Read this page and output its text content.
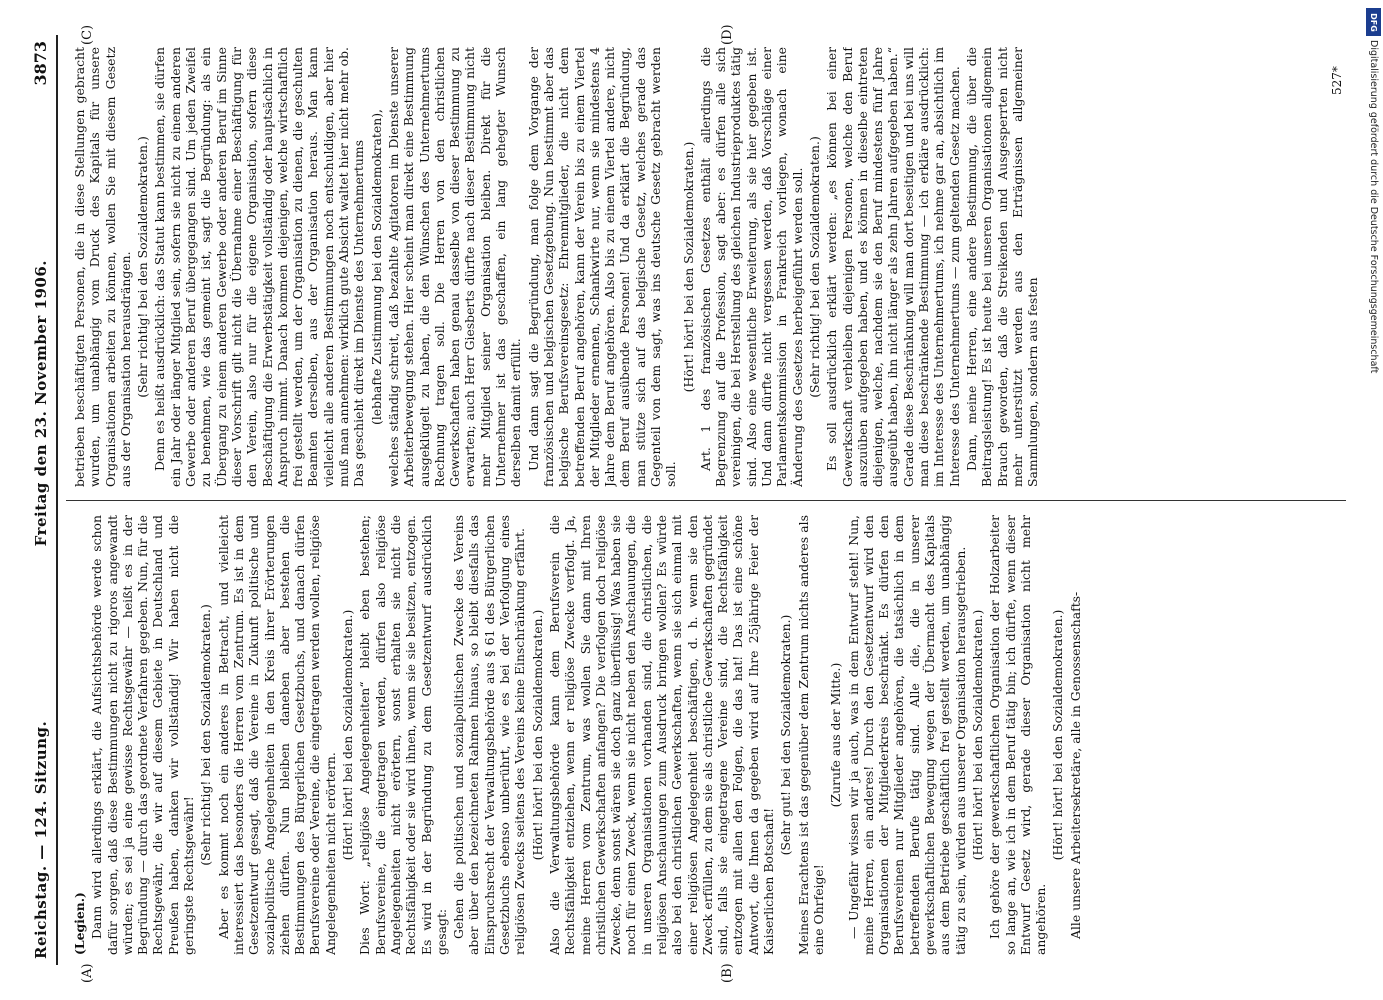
Reichstag. — 124. Sitzung.
Freitag den 23. November 1906.
3873
(A)	(B)
(C)	(D)

(Legien.) Dann wird allerdings erklärt, die Aufsichtsbehörde werde schon dafür sorgen, daß diese Bestimmungen nicht zu rigoros angewandt würden; es sei ja eine gewisse Rechtsgewähr — heißt es in der Begründung — durch das geordnete Verfahren gegeben. Nun, für die Rechtsgewähr, die wir auf diesem Gebiete in Deutschland und Preußen haben, danken wir vollständig! Wir haben nicht die geringste Rechtsgewähr!

(Sehr richtig! bei den Sozialdemokraten.) Aber es kommt noch ein anderes in Betracht, und vielleicht interessiert das besonders die Herren vom Zentrum. Es ist in dem Gesetzentwurf gesagt, daß die Vereine in Zukunft politische und sozialpolitische Angelegenheiten in den Kreis ihrer Erörterungen ziehen dürfen. Nun bleiben daneben aber bestehen die Bestimmungen des Bürgerlichen Gesetzbuchs, und danach dürfen Berufsvereine oder Vereine, die eingetragen werden wollen, religiöse Angelegenheiten nicht erörtern. (Hört! hört! bei den Sozialdemokraten.) Dies Wort: „religiöse Angelegenheiten“ bleibt eben bestehen; Berufsvereine, die eingetragen werden, dürfen also religiöse Angelegenheiten nicht erörtern, sonst erhalten sie nicht die Rechtsfähigkeit oder sie wird ihnen, wenn sie sie besitzen, entzogen. Es wird in der Begründung zu dem Gesetzentwurf ausdrücklich gesagt: Gehen die politischen und sozialpolitischen Zwecke des Vereins aber über den bezeichneten Rahmen hinaus, so bleibt diesfalls das Einspruchsrecht der Verwaltungsbehörde aus § 61 des Bürgerlichen Gesetzbuchs ebenso unberührt, wie es bei der Verfolgung eines religiösen Zwecks seitens des Vereins keine Einschränkung erfährt. (Hört! hört! bei den Sozialdemokraten.) Also die Verwaltungsbehörde kann dem Berufsverein die Rechtsfähigkeit entziehen, wenn er religiöse Zwecke verfolgt. Ja, meine Herren vom Zentrum, was wollen Sie dann mit Ihren christlichen Gewerkschaften anfangen? Die verfolgen doch religiöse Zwecke, denn sonst wären sie doch ganz überflüssig! Was haben sie noch für einen Zweck, wenn sie nicht neben den Anschauungen, die in unseren Organisationen vorhanden sind, die christlichen, die religiösen Anschauungen zum Ausdruck bringen wollen? Es würde also bei den christlichen Gewerkschaften, wenn sie sich einmal mit einer religiösen Angelegenheit beschäftigen, d. h. wenn sie den Zweck erfüllen, zu dem sie als christliche Gewerkschaften gegründet sind, falls sie eingetragene Vereine sind, die Rechtsfähigkeit entzogen mit allen den Folgen, die das hat! Das ist eine schöne Antwort, die Ihnen da gegeben wird auf Ihre 25jährige Feier der Kaiserlichen Botschaft!

(Sehr gut! bei den Sozialdemokraten.) Meines Erachtens ist das gegenüber dem Zentrum nichts anderes als eine Ohrfeige!

(Zurufe aus der Mitte.) — Ungefähr wissen wir ja auch, was in dem Entwurf steht! Nun, meine Herren, ein anderes! Durch den Gesetzentwurf wird den Organisationen der Mitgliederkreis beschränkt. Es dürfen den Berufsvereinen nur Mitglieder angehören, die tatsächlich in dem betreffenden Berufe tätig sind. Alle die, die in unserer gewerkschaftlichen Bewegung wegen der Übermacht des Kapitals aus dem Betriebe geschäftlich frei gestellt werden, um unabhängig tätig zu sein, würden aus unserer Organisation herausgetrieben. (Hört! hört! bei den Sozialdemokraten.) Ich gehöre der gewerkschaftlichen Organisation der Holzarbeiter so lange an, wie ich in dem Beruf tätig bin; ich dürfte, wenn dieser Entwurf Gesetz wird, gerade dieser Organisation nicht mehr angehören.

(Hört! hört! bei den Sozialdemokraten.) Alle unsere Arbeitersekretäre, alle in Genossenschafts-

betrieben beschäftigten Personen, die in diese Stellungen gebracht wurden, um unabhängig vom Druck des Kapitals für unsere Organisationen arbeiten zu können, wollen Sie mit diesem Gesetz aus der Organisation herausdrängen. (Sehr richtig! bei den Sozialdemokraten.) Denn es heißt ausdrücklich: das Statut kann bestimmen, sie dürfen ein Jahr oder länger Mitglied sein, sofern sie nicht zu einem anderen Gewerbe oder anderen Beruf übergegangen sind. Um jeden Zweifel zu benehmen, wie das gemeint ist, sagt die Begründung: als ein Übergang zu einem anderen Gewerbe oder anderen Beruf im Sinne dieser Vorschrift gilt nicht die Übernahme einer Beschäftigung für den Verein, also nur für die eigene Organisation, sofern diese Beschäftigung die Erwerbstätigkeit vollständig oder hauptsächlich in Anspruch nimmt. Danach kommen diejenigen, welche wirtschaftlich frei gestellt werden, um der Organisation zu dienen, die geschulten Beamten derselben, aus der Organisation heraus. Man kann vielleicht alle anderen Bestimmungen noch entschuldigen, aber hier muß man annehmen: wirklich gute Absicht waltet hier nicht mehr ob. Das geschieht direkt im Dienste des Unternehmertums (lebhafte Zustimmung bei den Sozialdemokraten), welches ständig schreit, daß bezahlte Agitatoren im Dienste unserer Arbeiterbewegung stehen. Hier scheint man direkt eine Bestimmung ausgeklügelt zu haben, die den Wünschen des Unternehmertums Rechnung tragen soll. Die Herren von den christlichen Gewerkschaften haben genau dasselbe von dieser Bestimmung zu erwarten; auch Herr Giesberts dürfte nach dieser Bestimmung nicht mehr Mitglied seiner Organisation bleiben. Direkt für die Unternehmer ist das geschaffen, ein lang gehegter Wunsch derselben damit erfüllt. Und dann sagt die Begründung, man folge dem Vorgange der französischen und belgischen Gesetzgebung. Nun bestimmt aber das belgische Berufsvereinsgesetz: Ehrenmitglieder, die nicht dem betreffenden Beruf angehören, kann der Verein bis zu einem Viertel der Mitglieder ernennen, Schankwirte nur, wenn sie mindestens 4 Jahre dem Beruf angehören. Also bis zu einem Viertel andere, nicht dem Beruf ausübende Personen! Und da erklärt die Begründung, man stütze sich auf das belgische Gesetz, welches gerade das Gegenteil von dem sagt, was ins deutsche Gesetz gebracht werden soll.

(Hört! hört! bei den Sozialdemokraten.) Art. 1 des französischen Gesetzes enthält allerdings die Begrenzung auf die Profession, sagt aber: es dürfen alle sich vereinigen, die bei Herstellung des gleichen Industrieproduktes tätig sind. Also eine wesentliche Erweiterung, als sie hier gegeben ist. Und dann dürfte nicht vergessen werden, daß Vorschläge einer Parlamentskommission in Frankreich vorliegen, wonach eine Änderung des Gesetzes herbeigeführt werden soll. (Sehr richtig! bei den Sozialdemokraten.) Es soll ausdrücklich erklärt werden: „es können bei einer Gewerkschaft verbleiben diejenigen Personen, welche den Beruf auszuüben aufgegeben haben, und es können in dieselbe eintreten diejenigen, welche, nachdem sie den Beruf mindestens fünf Jahre ausgeübt haben, ihn nicht länger als zehn Jahren aufgegeben haben.“ Gerade diese Beschränkung will man dort beseitigen und bei uns will man diese beschränkende Bestimmung — ich erkläre ausdrücklich: im Interesse des Unternehmertums, ich nehme gar an, absichtlich im Interesse des Unternehmertums — zum geltenden Gesetz machen. Dann, meine Herren, eine andere Bestimmung, die über die Beitragsleistung! Es ist heute bei unseren Organisationen allgemein Brauch geworden, daß die Streikenden und Ausgesperrten nicht mehr unterstützt werden aus den Erträgnissen allgemeiner Sammlungen, sondern aus festen

527*
DFG
Digitalisierung gefördert durch die Deutsche Forschungsgemeinschaft
